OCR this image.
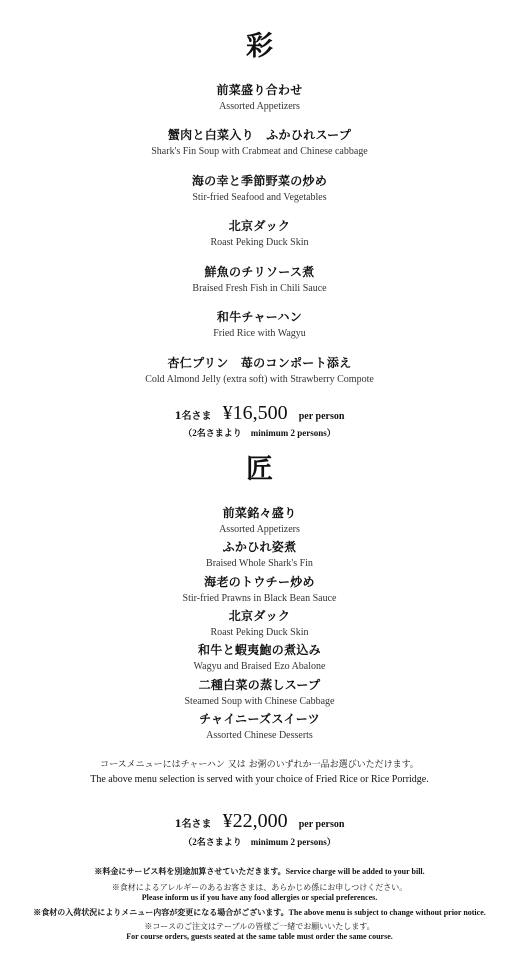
彩
前菜盛り合わせ
Assorted Appetizers
蟹肉と白菜入り　ふかひれスープ
Shark's Fin Soup with Crabmeat and Chinese cabbage
海の幸と季節野菜の炒め
Stir-fried Seafood and Vegetables
北京ダック
Roast Peking Duck Skin
鮮魚のチリソース煮
Braised Fresh Fish in Chili Sauce
和牛チャーハン
Fried Rice with Wagyu
杏仁プリン　苺のコンポート添え
Cold Almond Jelly (extra soft) with Strawberry Compote
1名さま ¥16,500 per person
（2名さまより　minimum 2 persons）
匠
前菜銘々盛り
Assorted Appetizers
ふかひれ姿煮
Braised Whole Shark's Fin
海老のトウチー炒め
Stir-fried Prawns in Black Bean Sauce
北京ダック
Roast Peking Duck Skin
和牛と蝦夷鮑の煮込み
Wagyu and Braised Ezo Abalone
二種白菜の蒸しスープ
Steamed Soup with Chinese Cabbage
チャイニーズスイーツ
Assorted Chinese Desserts
コースメニューにはチャーハン 又は お粥のいずれか一品お選びいただけます。
The above menu selection is served with your choice of Fried Rice or Rice Porridge.
1名さま ¥22,000 per person
（2名さまより　minimum 2 persons）
※料金にサービス料を別途加算させていただきます。Service charge will be added to your bill.
※食材によるアレルギーのあるお客さまは、あらかじめ係にお申しつけください。
Please inform us if you have any food allergies or special preferences.
※食材の入荷状況によりメニュー内容が変更になる場合がございます。The above menu is subject to change without prior notice.
※コースのご注文はテーブルの皆様ご一緒でお願いいたします。
For course orders, guests seated at the same table must order the same course.
